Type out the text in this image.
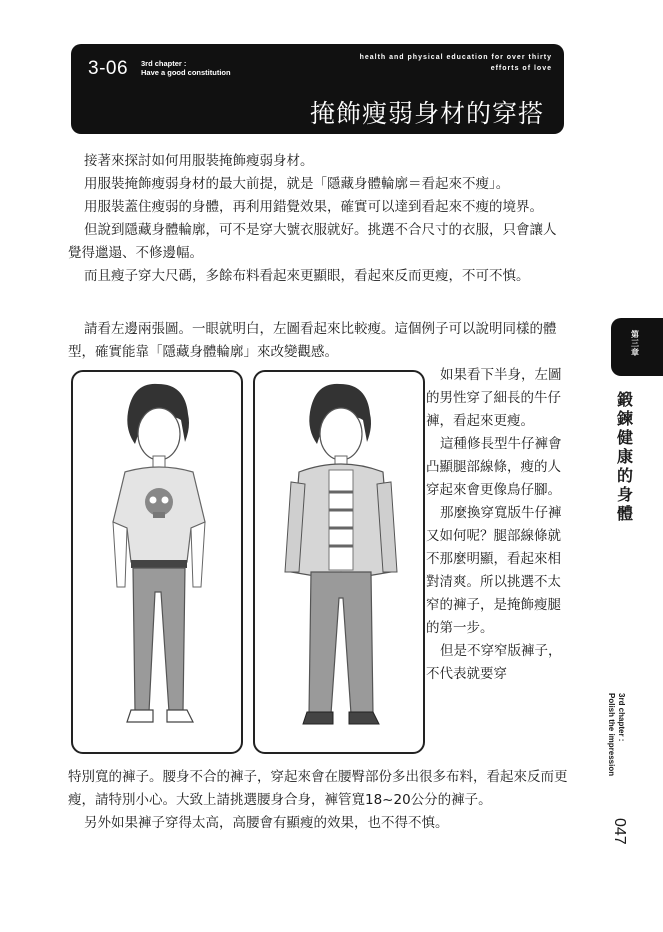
3-06 3rd chapter :
Have a good constitution
health and physical education for over thirty
efforts of love
掩飾瘦弱身材的穿搭

接著來探討如何用服裝掩飾瘦弱身材。

用服裝掩飾瘦弱身材的最大前提，就是「隱藏身體輪廓＝看起來不瘦」。

用服裝蓋住瘦弱的身體，再利用錯覺效果，確實可以達到看起來不瘦的境界。

但說到隱藏身體輪廓，可不是穿大號衣服就好。挑選不合尺寸的衣服，只會讓人覺得邋遢、不修邊幅。

而且瘦子穿大尺碼，多餘布料看起來更顯眼，看起來反而更瘦，不可不慎。

請看左邊兩張圖。一眼就明白，左圖看起來比較瘦。這個例子可以說明同樣的體型，確實能靠「隱藏身體輪廓」來改變觀感。

如果看下半身，左圖的男性穿了細長的牛仔褲，看起來更瘦。

這種修長型牛仔褲會凸顯腿部線條，瘦的人穿起來會更像鳥仔腳。

那麼換穿寬版牛仔褲又如何呢？腿部線條就不那麼明顯，看起來相對清爽。所以挑選不太窄的褲子，是掩飾瘦腿的第一步。

但是不穿窄版褲子，不代表就要穿

特別寬的褲子。腰身不合的褲子，穿起來會在腰臀部份多出很多布料，看起來反而更瘦，請特別小心。大致上請挑選腰身合身，褲管寬18~20公分的褲子。

另外如果褲子穿得太高，高腰會有顯瘦的效果，也不得不慎。

第三章
鍛鍊健康的身體
3rd chapter :
Polish the impression
047
